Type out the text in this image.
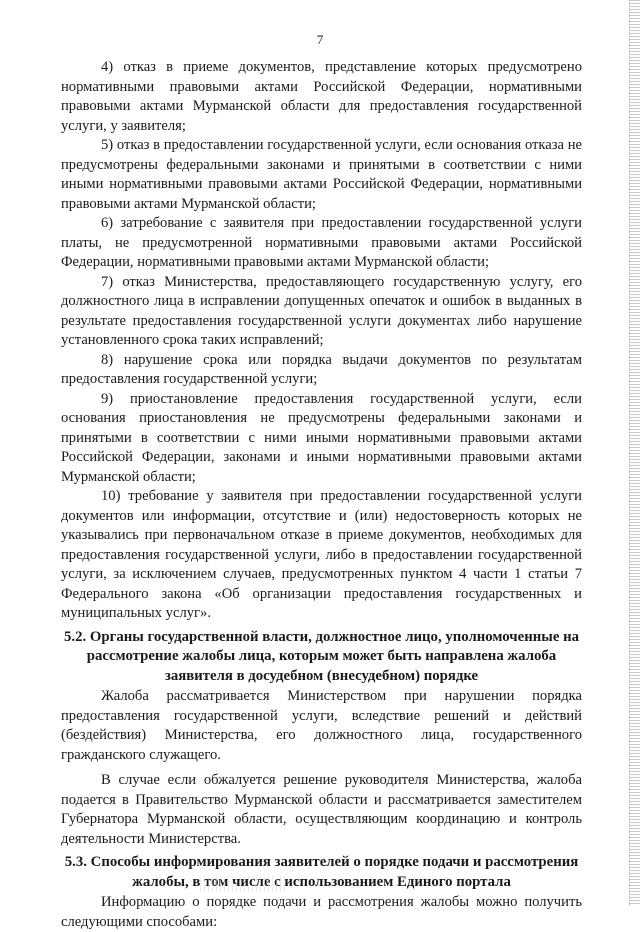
7

4) отказ в приеме документов, представление которых предусмотрено нормативными правовыми актами Российской Федерации, нормативными правовыми актами Мурманской области для предоставления государственной услуги, у заявителя;

5) отказ в предоставлении государственной услуги, если основания отказа не предусмотрены федеральными законами и принятыми в соответствии с ними иными нормативными правовыми актами Российской Федерации, нормативными правовыми актами Мурманской области;

6) затребование с заявителя при предоставлении государственной услуги платы, не предусмотренной нормативными правовыми актами Российской Федерации, нормативными правовыми актами Мурманской области;

7) отказ Министерства, предоставляющего государственную услугу, его должностного лица в исправлении допущенных опечаток и ошибок в выданных в результате предоставления государственной услуги документах либо нарушение установленного срока таких исправлений;

8) нарушение срока или порядка выдачи документов по результатам предоставления государственной услуги;

9) приостановление предоставления государственной услуги, если основания приостановления не предусмотрены федеральными законами и принятыми в соответствии с ними иными нормативными правовыми актами Российской Федерации, законами и иными нормативными правовыми актами Мурманской области;

10) требование у заявителя при предоставлении государственной услуги документов или информации, отсутствие и (или) недостоверность которых не указывались при первоначальном отказе в приеме документов, необходимых для предоставления государственной услуги, либо в предоставлении государственной услуги, за исключением случаев, предусмотренных пунктом 4 части 1 статьи 7 Федерального закона «Об организации предоставления государственных и муниципальных услуг».

5.2. Органы государственной власти, должностное лицо, уполномоченные на рассмотрение жалобы лица, которым может быть направлена жалоба заявителя в досудебном (внесудебном) порядке

Жалоба рассматривается Министерством при нарушении порядка предоставления государственной услуги, вследствие решений и действий (бездействия) Министерства, его должностного лица, государственного гражданского служащего.

В случае если обжалуется решение руководителя Министерства, жалоба подается в Правительство Мурманской области и рассматривается заместителем Губернатора Мурманской области, осуществляющим координацию и контроль деятельности Министерства.

5.3. Способы информирования заявителей о порядке подачи и рассмотрения жалобы, в том числе с использованием Единого портала

Информацию о порядке подачи и рассмотрения жалобы можно получить следующими способами:
